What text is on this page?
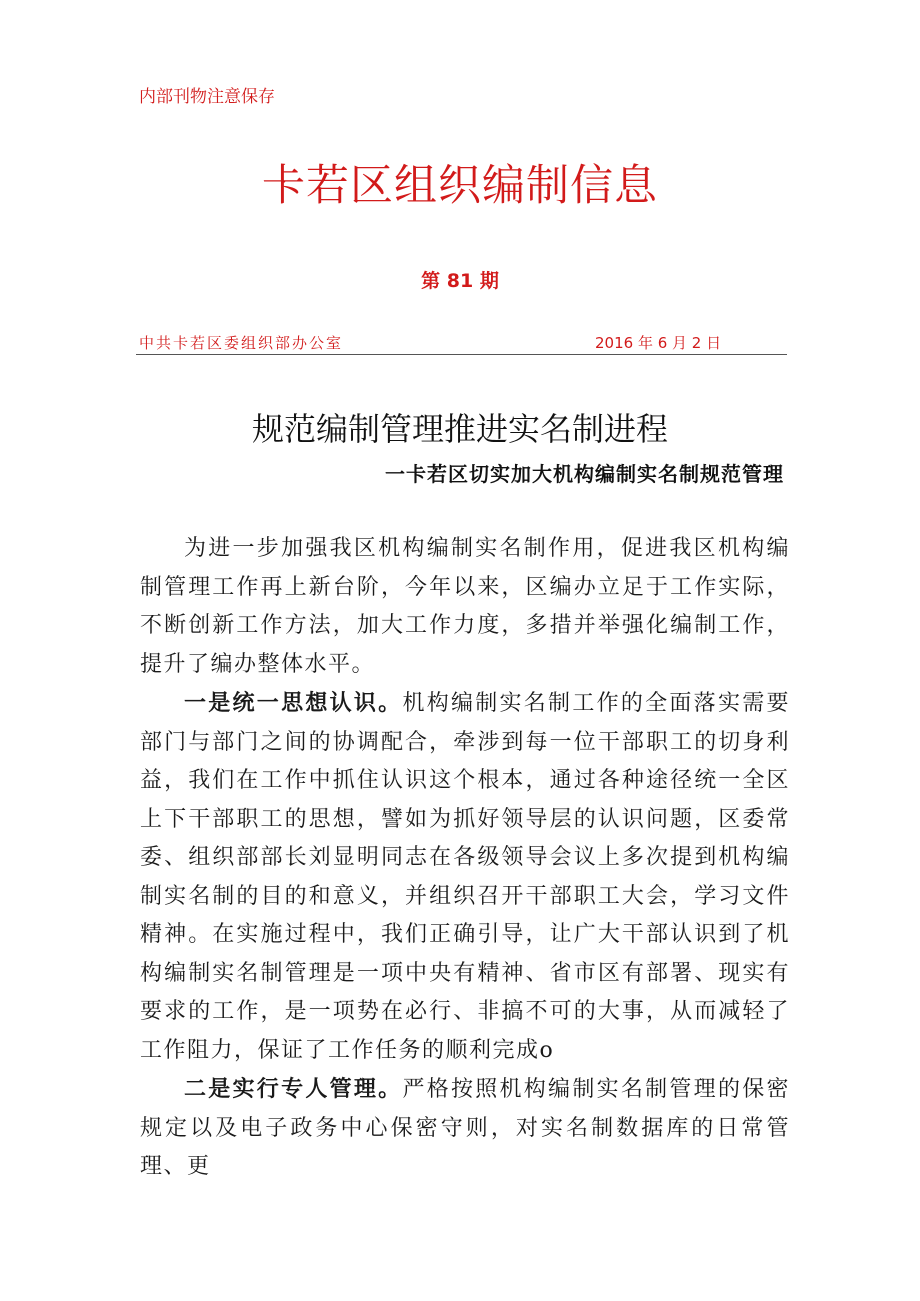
内部刊物注意保存
卡若区组织编制信息
第 81 期
中共卡若区委组织部办公室	2016 年 6 月 2 日
规范编制管理推进实名制进程
一卡若区切实加大机构编制实名制规范管理

为进一步加强我区机构编制实名制作用，促进我区机构编制管理工作再上新台阶，今年以来，区编办立足于工作实际，不断创新工作方法，加大工作力度，多措并举强化编制工作，提升了编办整体水平。

一是统一思想认识。机构编制实名制工作的全面落实需要部门与部门之间的协调配合，牵涉到每一位干部职工的切身利益，我们在工作中抓住认识这个根本，通过各种途径统一全区上下干部职工的思想，譬如为抓好领导层的认识问题，区委常委、组织部部长刘显明同志在各级领导会议上多次提到机构编制实名制的目的和意义，并组织召开干部职工大会，学习文件精神。在实施过程中，我们正确引导，让广大干部认识到了机构编制实名制管理是一项中央有精神、省市区有部署、现实有要求的工作，是一项势在必行、非搞不可的大事，从而减轻了工作阻力，保证了工作任务的顺利完成o

二是实行专人管理。严格按照机构编制实名制管理的保密规定以及电子政务中心保密守则，对实名制数据库的日常管理、更
